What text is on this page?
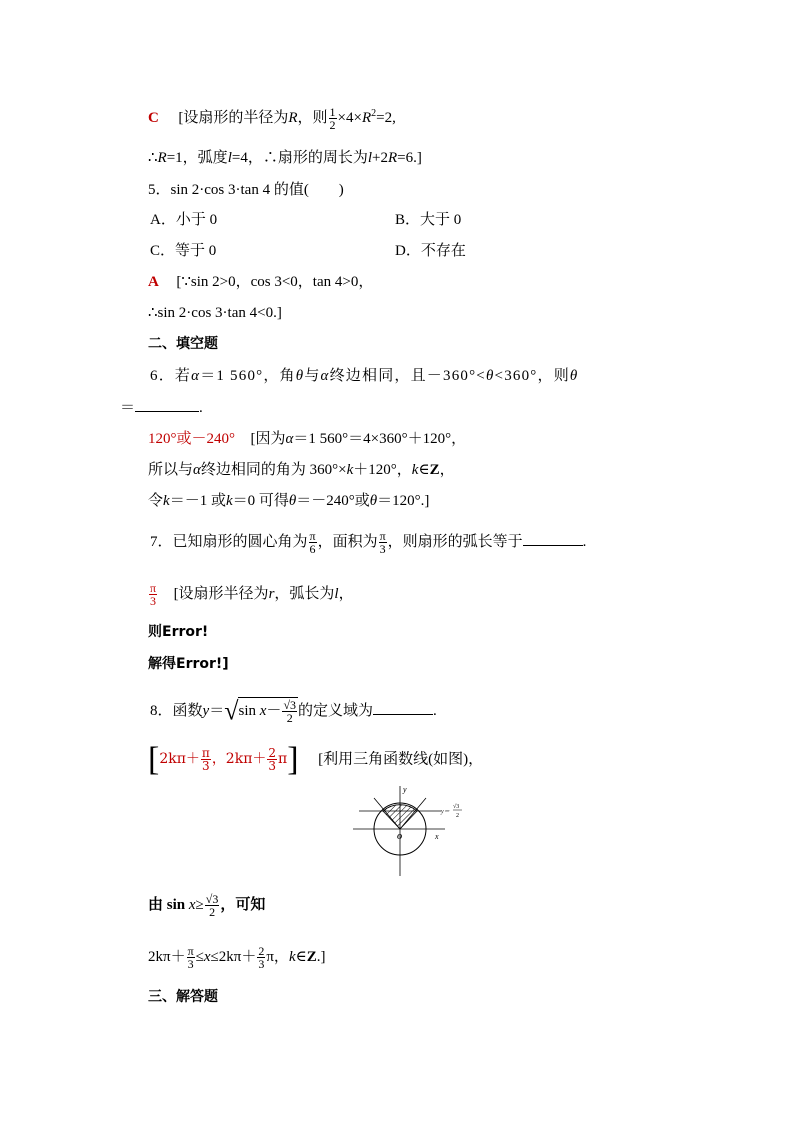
C [设扇形的半径为R，则 $\frac{1}{2} \times 4\times R^2=2$,
∴R=1，弧度l=4，∴扇形的周长为l+2R=6.]
5．sin 2·cos 3·tan 4 的值(　　)
A．小于 0	B．大于 0
C．等于 0	D．不存在
A [∵sin 2>0，cos 3<0，tan 4>0，
∴sin 2·cos 3·tan 4<0.]
二、填空题
6．若α＝1 560°，角θ与α终边相同，且－360°<θ<360°，则θ
＝	.
120°或－240° [因为α＝1 560°＝4×360°＋120°，
所以与α终边相同的角为 360°×k＋120°，k∈Z，
令k＝－1 或k＝0 可得θ＝－240°或θ＝120°.]
7．已知扇形的圆心角为 $\frac{\pi}{6}$ ，面积为 $\frac{\pi}{3}$ ，则扇形的弧长等于	.
$\frac{\pi}{3}$ [设扇形半径为r，弧长为l，
则Error!
解得Error!]
8．函数y＝√sin $x- \frac{√3}{2}$ 的定义域为	.
[$2k\pi+ \frac{\pi}{3}$ ，$2k\pi+ \frac{2}{3} \pi$] [利用三角函数线(如图)，
y
x
O
y＝
√3
2
由 $\sin x\ge \frac{√3}{2}$ ，可知
$2k\pi+ \frac{\pi}{3} \le x\le 2k\pi+ \frac{2}{3}$ π，k∈Z.]
三、解答题
